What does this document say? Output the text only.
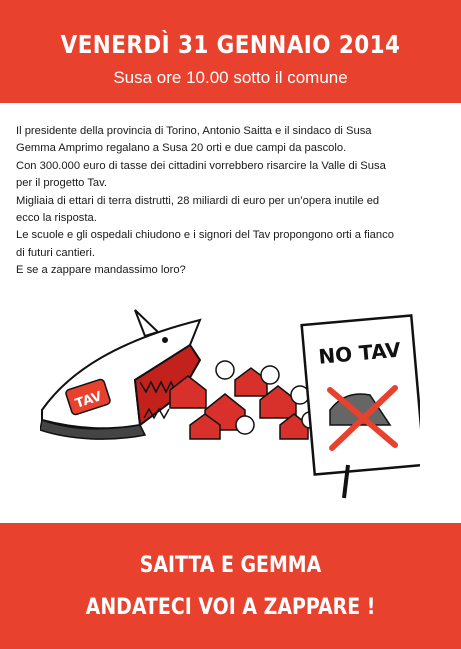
VENERDÌ 31 GENNAIO 2014
Susa ore 10.00 sotto il comune

Il presidente della provincia di Torino, Antonio Saitta e il sindaco di Susa

Gemma Amprimo regalano a Susa 20 orti e due campi da pascolo.

Con 300.000 euro di tasse dei cittadini vorrebbero risarcire la Valle di Susa

per il progetto Tav.

Migliaia di ettari di terra distrutti, 28 miliardi di euro per un’opera inutile ed

ecco la risposta.

Le scuole e gli ospedali chiudono e i signori del Tav propongono orti a fianco

di futuri cantieri.

E se a zappare mandassimo loro?

TAV
NO TAV
SAITTA E GEMMA
ANDATECI VOI A ZAPPARE !
